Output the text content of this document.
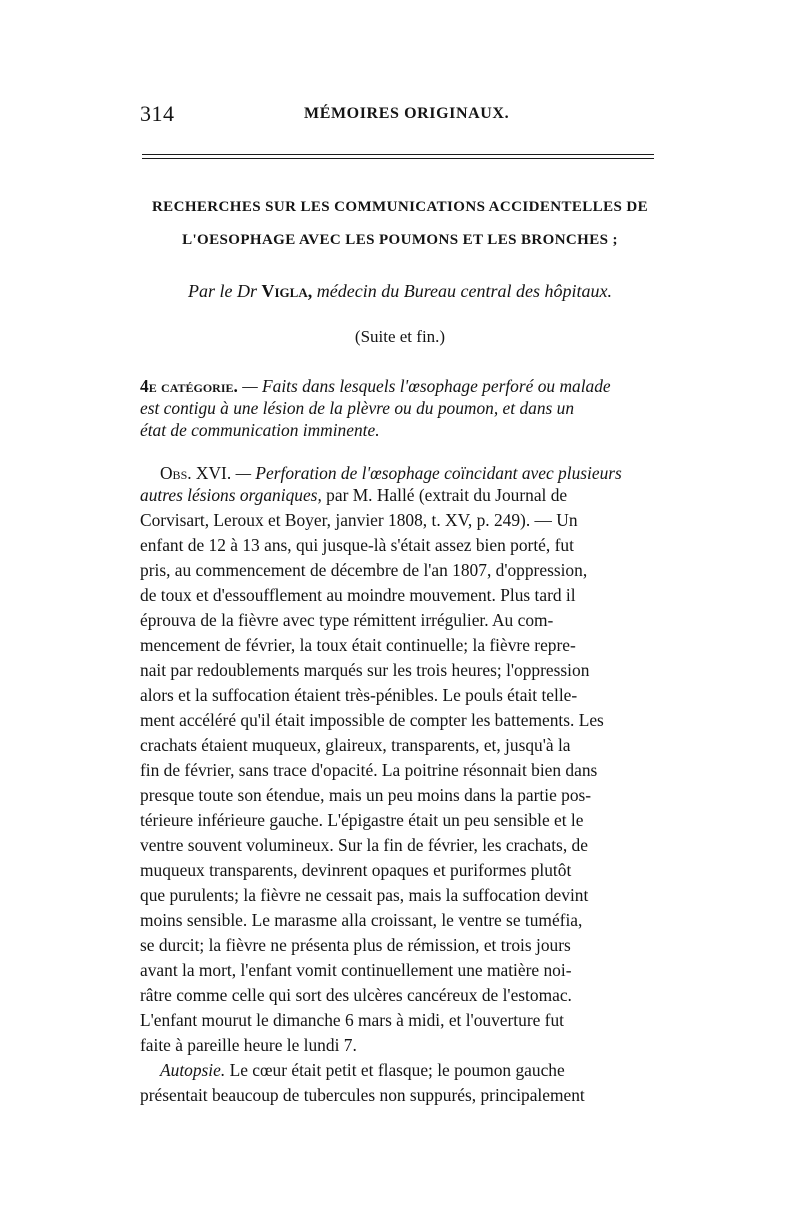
314	MÉMOIRES ORIGINAUX.
RECHERCHES SUR LES COMMUNICATIONS ACCIDENTELLES DE
L'OESOPHAGE AVEC LES POUMONS ET LES BRONCHES ;
Par le Dr Vigla, médecin du Bureau central des hôpitaux.
(Suite et fin.)
4e catégorie. — Faits dans lesquels l'œsophage perforé ou malade
est contigu à une lésion de la plèvre ou du poumon, et dans un
état de communication imminente.
Obs. XVI. — Perforation de l'œsophage coïncidant avec plusieurs
autres lésions organiques, par M. Hallé (extrait du Journal de
Corvisart, Leroux et Boyer, janvier 1808, t. XV, p. 249). — Un
enfant de 12 à 13 ans, qui jusque-là s'était assez bien porté, fut
pris, au commencement de décembre de l'an 1807, d'oppression,
de toux et d'essoufflement au moindre mouvement. Plus tard il
éprouva de la fièvre avec type rémittent irrégulier. Au com-
mencement de février, la toux était continuelle; la fièvre repre-
nait par redoublements marqués sur les trois heures; l'oppression
alors et la suffocation étaient très-pénibles. Le pouls était telle-
ment accéléré qu'il était impossible de compter les battements. Les
crachats étaient muqueux, glaireux, transparents, et, jusqu'à la
fin de février, sans trace d'opacité. La poitrine résonnait bien dans
presque toute son étendue, mais un peu moins dans la partie pos-
térieure inférieure gauche. L'épigastre était un peu sensible et le
ventre souvent volumineux. Sur la fin de février, les crachats, de
muqueux transparents, devinrent opaques et puriformes plutôt
que purulents; la fièvre ne cessait pas, mais la suffocation devint
moins sensible. Le marasme alla croissant, le ventre se tuméfia,
se durcit; la fièvre ne présenta plus de rémission, et trois jours
avant la mort, l'enfant vomit continuellement une matière noi-
râtre comme celle qui sort des ulcères cancéreux de l'estomac.
L'enfant mourut le dimanche 6 mars à midi, et l'ouverture fut
faite à pareille heure le lundi 7.
Autopsie. Le cœur était petit et flasque; le poumon gauche
présentait beaucoup de tubercules non suppurés, principalement
